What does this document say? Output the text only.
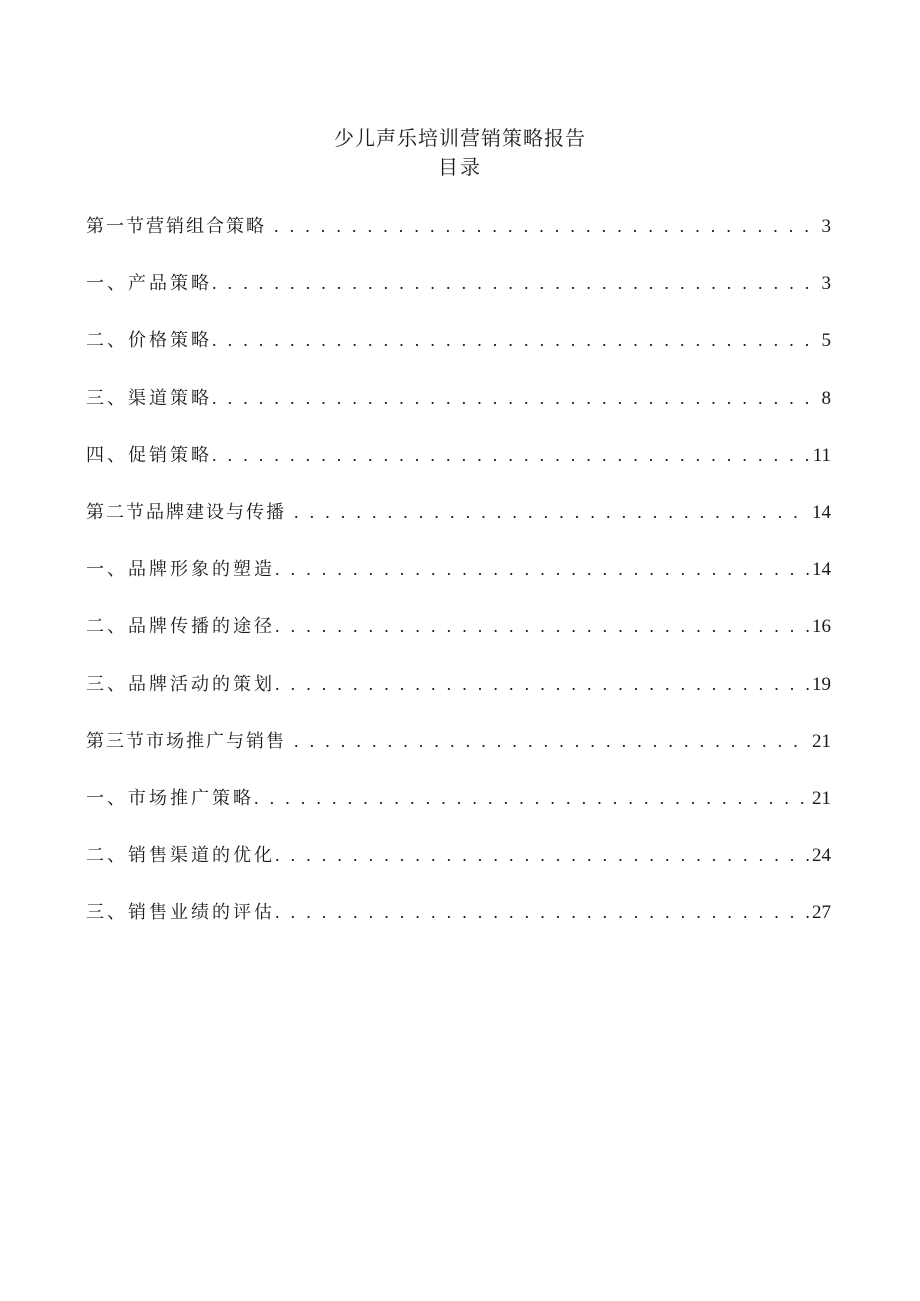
少儿声乐培训营销策略报告
目录
第一节营销组合策略 . . .	3
一、产品策略 . . .	3
二、价格策略 . . .	5
三、渠道策略 . . .	8
四、促销策略 . . .	11
第二节品牌建设与传播 . . .	14
一、品牌形象的塑造 . . .	14
二、品牌传播的途径 . . .	16
三、品牌活动的策划 . . .	19
第三节市场推广与销售 . . .	21
一、市场推广策略 . . .	21
二、销售渠道的优化 . . .	24
三、销售业绩的评估 . . .	27
